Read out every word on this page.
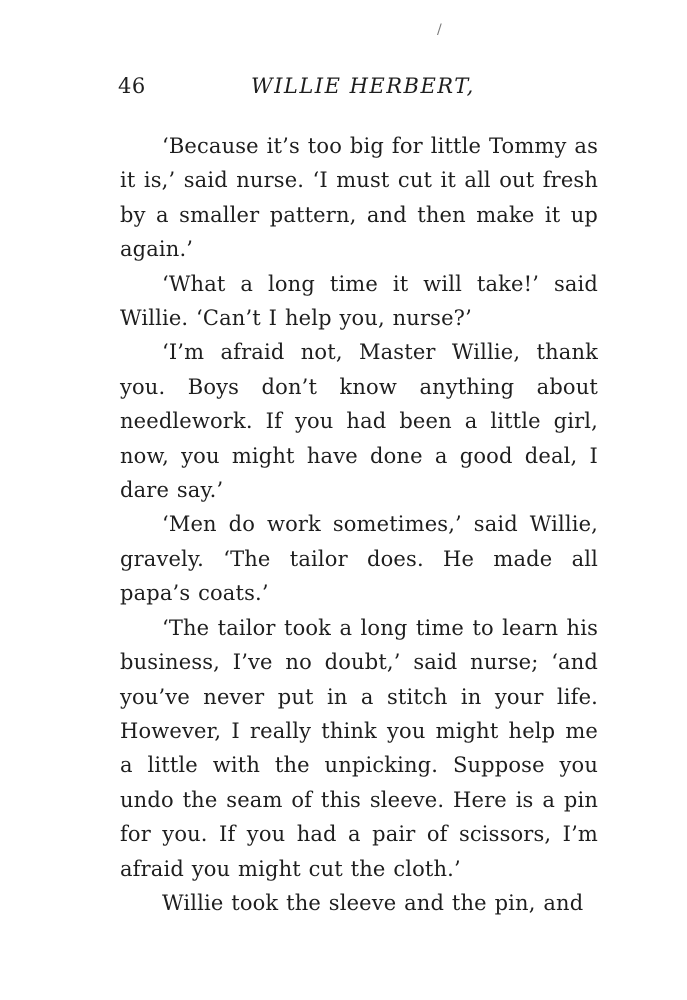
/
46	WILLIE HERBERT,

‘Because it’s too big for little Tommy as it is,’ said nurse. ‘I must cut it all out fresh by a smaller pattern, and then make it up again.’

‘What a long time it will take!’ said Willie. ‘Can’t I help you, nurse?’

‘I’m afraid not, Master Willie, thank you. Boys don’t know anything about needlework. If you had been a little girl, now, you might have done a good deal, I dare say.’

‘Men do work sometimes,’ said Willie, gravely. ‘The tailor does. He made all papa’s coats.’

‘The tailor took a long time to learn his business, I’ve no doubt,’ said nurse; ‘and you’ve never put in a stitch in your life. However, I really think you might help me a little with the unpicking. Suppose you undo the seam of this sleeve. Here is a pin for you. If you had a pair of scissors, I’m afraid you might cut the cloth.’

Willie took the sleeve and the pin, and
